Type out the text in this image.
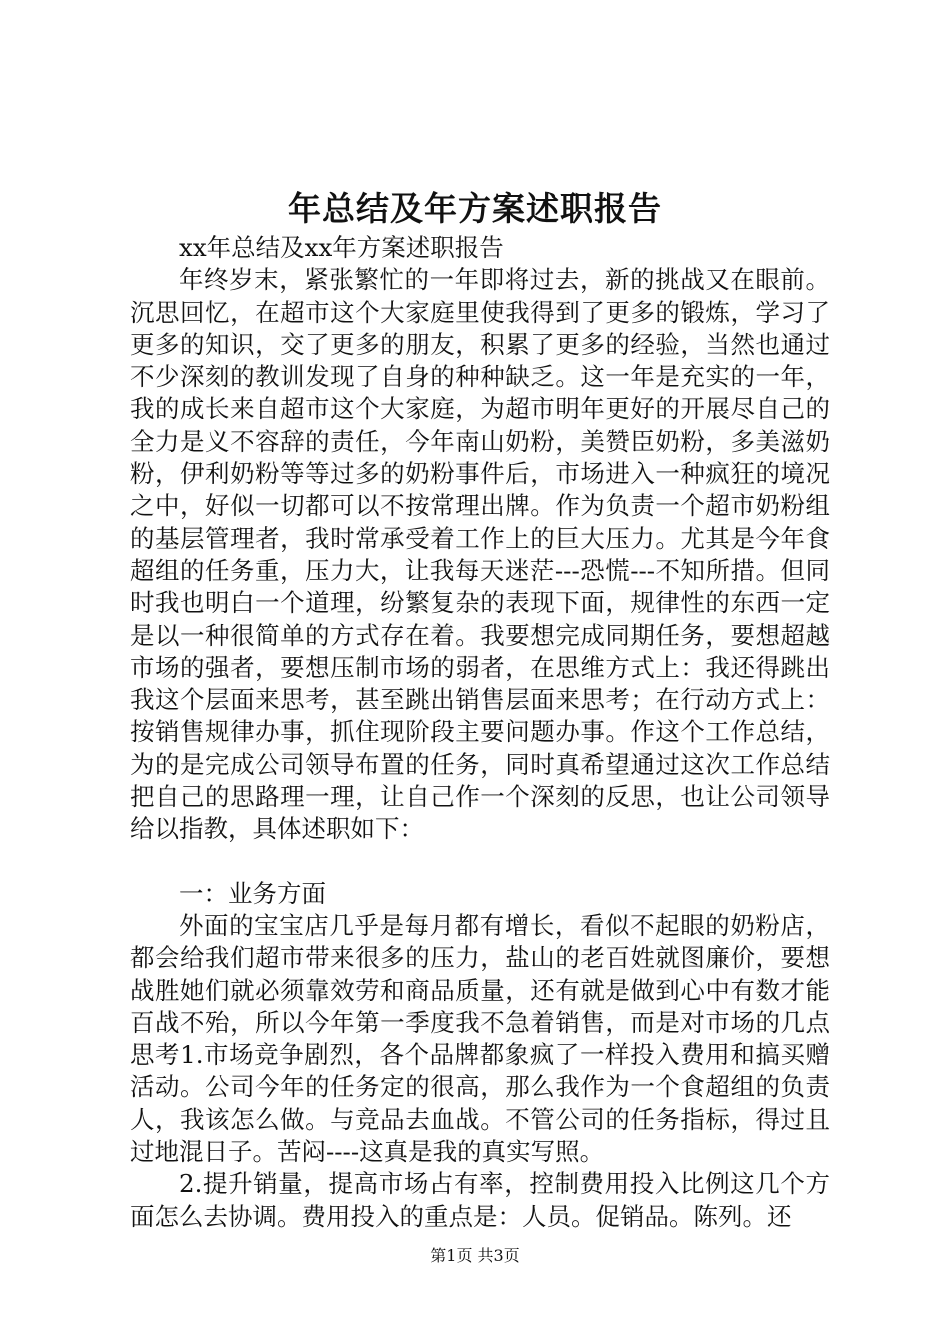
年总结及年方案述职报告

xx年总结及xx年方案述职报告

年终岁末，紧张繁忙的一年即将过去，新的挑战又在眼前。沉思回忆，在超市这个大家庭里使我得到了更多的锻炼，学习了更多的知识，交了更多的朋友，积累了更多的经验，当然也通过不少深刻的教训发现了自身的种种缺乏。这一年是充实的一年，我的成长来自超市这个大家庭，为超市明年更好的开展尽自己的全力是义不容辞的责任，今年南山奶粉，美赞臣奶粉，多美滋奶粉，伊利奶粉等等过多的奶粉事件后，市场进入一种疯狂的境况之中，好似一切都可以不按常理出牌。作为负责一个超市奶粉组的基层管理者，我时常承受着工作上的巨大压力。尤其是今年食超组的任务重，压力大，让我每天迷茫---恐慌---不知所措。但同时我也明白一个道理，纷繁复杂的表现下面，规律性的东西一定是以一种很简单的方式存在着。我要想完成同期任务，要想超越市场的强者，要想压制市场的弱者，在思维方式上：我还得跳出我这个层面来思考，甚至跳出销售层面来思考；在行动方式上：按销售规律办事，抓住现阶段主要问题办事。作这个工作总结，为的是完成公司领导布置的任务，同时真希望通过这次工作总结把自己的思路理一理，让自己作一个深刻的反思，也让公司领导给以指教，具体述职如下：

一：业务方面

外面的宝宝店几乎是每月都有增长，看似不起眼的奶粉店，都会给我们超市带来很多的压力，盐山的老百姓就图廉价，要想战胜她们就必须靠效劳和商品质量，还有就是做到心中有数才能百战不殆，所以今年第一季度我不急着销售，而是对市场的几点思考1.市场竞争剧烈，各个品牌都象疯了一样投入费用和搞买赠活动。公司今年的任务定的很高，那么我作为一个食超组的负责人，我该怎么做。与竞品去血战。不管公司的任务指标，得过且过地混日子。苦闷----这真是我的真实写照。

2.提升销量，提高市场占有率，控制费用投入比例这几个方面怎么去协调。费用投入的重点是：人员。促销品。陈列。还

第1页 共3页
